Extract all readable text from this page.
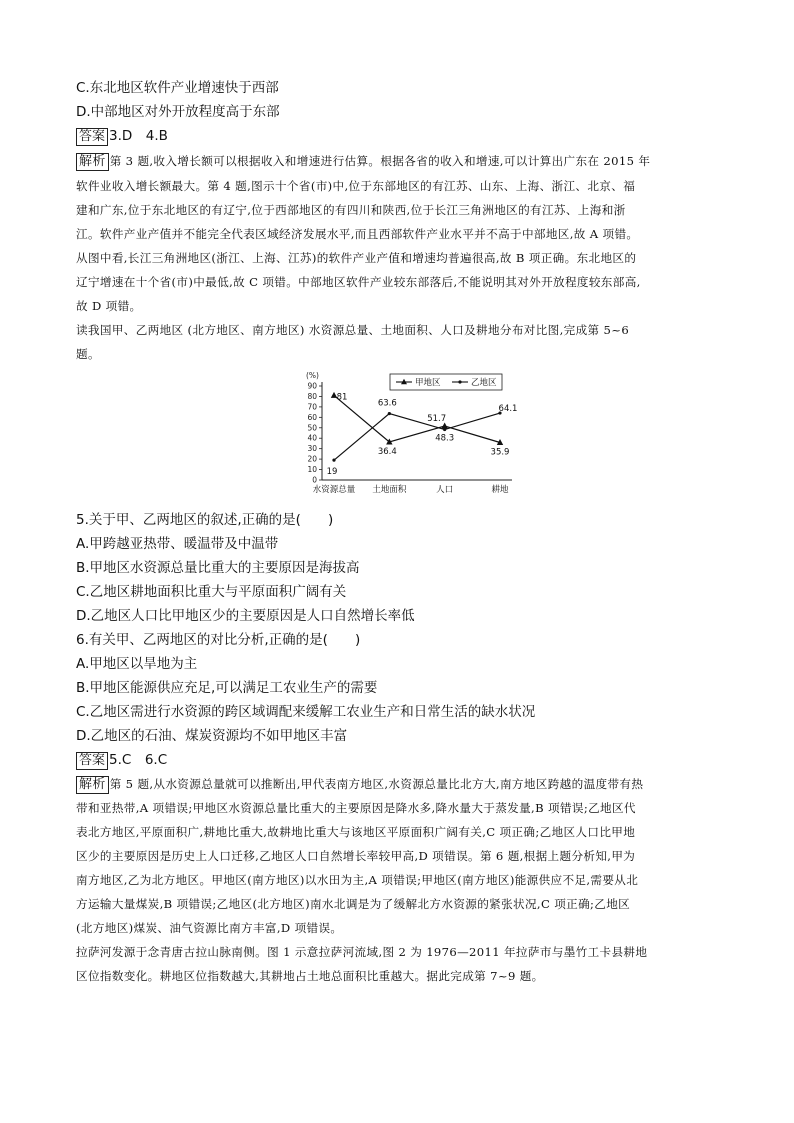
C.东北地区软件产业增速快于西部
D.中部地区对外开放程度高于东部
答案 3.D　4.B
解析 第 3 题,收入增长额可以根据收入和增速进行估算。根据各省的收入和增速,可以计算出广东在 2015 年
软件业收入增长额最大。第 4 题,图示十个省(市)中,位于东部地区的有江苏、山东、上海、浙江、北京、福
建和广东,位于东北地区的有辽宁,位于西部地区的有四川和陕西,位于长江三角洲地区的有江苏、上海和浙
江。软件产业产值并不能完全代表区域经济发展水平,而且西部软件产业水平并不高于中部地区,故 A 项错。
从图中看,长江三角洲地区(浙江、上海、江苏)的软件产业产值和增速均普遍很高,故 B 项正确。东北地区的
辽宁增速在十个省(市)中最低,故 C 项错。中部地区软件产业较东部落后,不能说明其对外开放程度较东部高,
故 D 项错。
读我国甲、乙两地区 (北方地区、南方地区) 水资源总量、土地面积、人口及耕地分布对比图,完成第 5~6
题。
(%)
0
10
20
30
40
50
60
70
80
90
水资源总量 土地面积	人口	耕地
81
36.4
51.7
35.9
19
63.6
48.3
64.1
甲地区	乙地区
5.关于甲、乙两地区的叙述,正确的是(　　)
A.甲跨越亚热带、暖温带及中温带
B.甲地区水资源总量比重大的主要原因是海拔高
C.乙地区耕地面积比重大与平原面积广阔有关
D.乙地区人口比甲地区少的主要原因是人口自然增长率低
6.有关甲、乙两地区的对比分析,正确的是(　　)
A.甲地区以旱地为主
B.甲地区能源供应充足,可以满足工农业生产的需要
C.乙地区需进行水资源的跨区域调配来缓解工农业生产和日常生活的缺水状况
D.乙地区的石油、煤炭资源均不如甲地区丰富
答案 5.C　6.C
解析 第 5 题,从水资源总量就可以推断出,甲代表南方地区,水资源总量比北方大,南方地区跨越的温度带有热
带和亚热带,A 项错误;甲地区水资源总量比重大的主要原因是降水多,降水量大于蒸发量,B 项错误;乙地区代
表北方地区,平原面积广,耕地比重大,故耕地比重大与该地区平原面积广阔有关,C 项正确;乙地区人口比甲地
区少的主要原因是历史上人口迁移,乙地区人口自然增长率较甲高,D 项错误。第 6 题,根据上题分析知,甲为
南方地区,乙为北方地区。甲地区(南方地区)以水田为主,A 项错误;甲地区(南方地区)能源供应不足,需要从北
方运输大量煤炭,B 项错误;乙地区(北方地区)南水北调是为了缓解北方水资源的紧张状况,C 项正确;乙地区
(北方地区)煤炭、油气资源比南方丰富,D 项错误。
拉萨河发源于念青唐古拉山脉南侧。图 1 示意拉萨河流域,图 2 为 1976—2011 年拉萨市与墨竹工卡县耕地
区位指数变化。耕地区位指数越大,其耕地占土地总面积比重越大。据此完成第 7~9 题。
